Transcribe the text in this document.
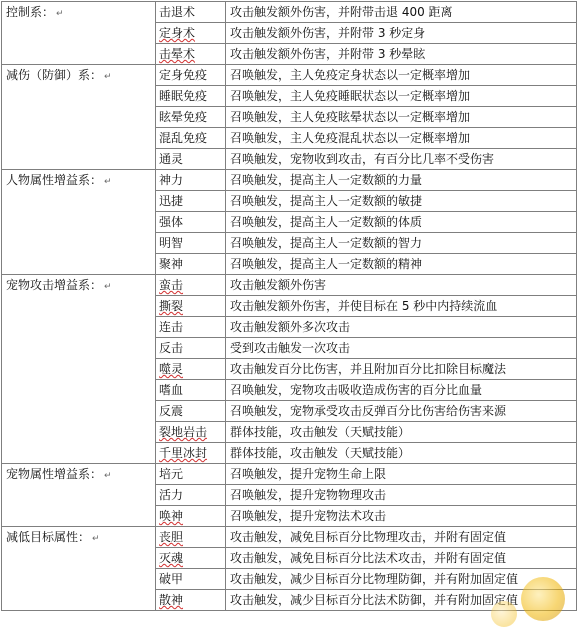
控制系： ↵	击退术	攻击触发额外伤害，并附带击退 400 距离
	定身术	攻击触发额外伤害，并附带 3 秒定身
	击晕术	攻击触发额外伤害，并附带 3 秒晕眩
减伤（防御）系： ↵	定身免疫	召唤触发，主人免疫定身状态以一定概率增加
	睡眠免疫	召唤触发，主人免疫睡眠状态以一定概率增加
	眩晕免疫	召唤触发，主人免疫眩晕状态以一定概率增加
	混乱免疫	召唤触发，主人免疫混乱状态以一定概率增加
	通灵	召唤触发，宠物收到攻击，有百分比几率不受伤害
人物属性增益系： ↵	神力	召唤触发，提高主人一定数额的力量
	迅捷	召唤触发，提高主人一定数额的敏捷
	强体	召唤触发，提高主人一定数额的体质
	明智	召唤触发，提高主人一定数额的智力
	聚神	召唤触发，提高主人一定数额的精神
宠物攻击增益系： ↵	蛮击	攻击触发额外伤害
	撕裂	攻击触发额外伤害，并使目标在 5 秒中内持续流血
	连击	攻击触发额外多次攻击
	反击	受到攻击触发一次攻击
	噬灵	攻击触发百分比伤害，并且附加百分比扣除目标魔法
	嗜血	召唤触发，宠物攻击吸收造成伤害的百分比血量
	反震	召唤触发，宠物承受攻击反弹百分比伤害给伤害来源
	裂地岩击	群体技能，攻击触发（天赋技能）
	千里冰封	群体技能，攻击触发（天赋技能）
宠物属性增益系： ↵	培元	召唤触发，提升宠物生命上限
	活力	召唤触发，提升宠物物理攻击
	唤神	召唤触发，提升宠物法术攻击
减低目标属性： ↵	丧胆	攻击触发，减免目标百分比物理攻击，并附有固定值
	灭魂	攻击触发，减免目标百分比法术攻击，并附有固定值
	破甲	攻击触发，减少目标百分比物理防御，并有附加固定值
	散神	攻击触发，减少目标百分比法术防御，并有附加固定值
